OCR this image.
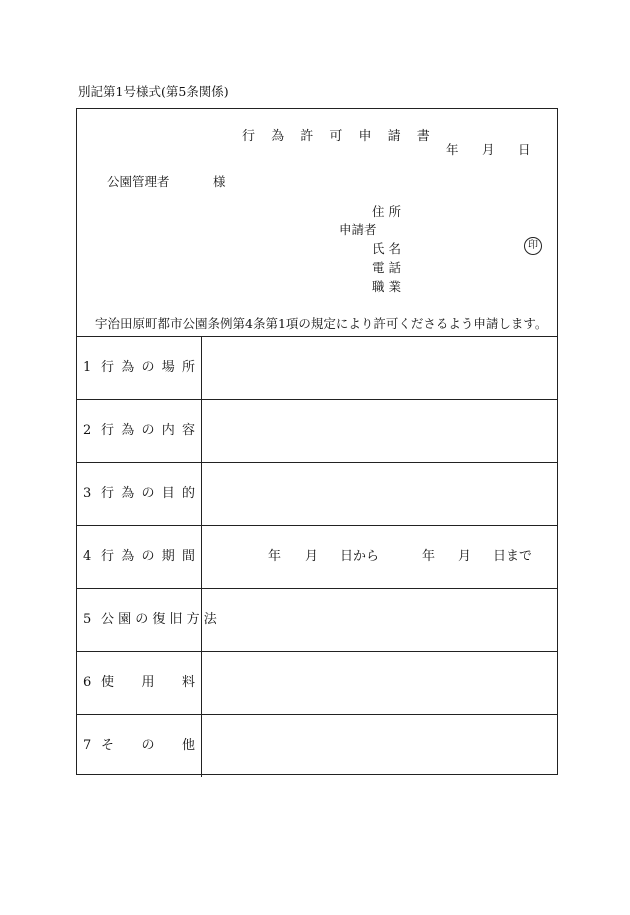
別記第1号様式(第5条関係)
行 為 許 可 申 請 書
年 月 日
公園管理者	様
住 所
申請者
氏 名	印
電 話
職 業
宇治田原町都市公園条例第4条第1項の規定により許可くださるよう申請します。
1 行 為 の 場 所
2 行 為 の 内 容
3 行 為 の 目 的
4 行 為 の 期 間	年 月 日から	年 月 日まで
5 公 園 の 復 旧 方 法
6 使 用 料
7 そ の 他
